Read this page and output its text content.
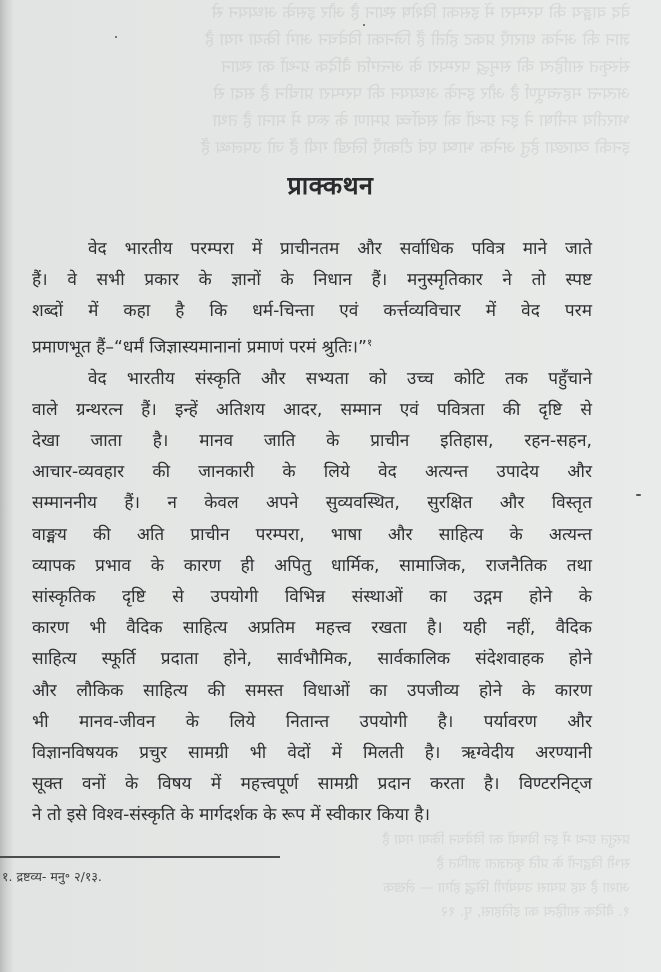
वेद वाङ्मय की परम्परा में इसका विशेष स्थान है और इसके अध्ययन से
ज्ञान की अनेक धाराएँ प्रकट होती हैं जिनका विवेचन आगे किया गया है
संस्कृत साहित्य की समृद्ध परम्परा के अन्तर्गत वैदिक ग्रन्थों का स्थान
अत्यन्त महत्त्वपूर्ण है और इनके अध्ययन की परम्परा प्राचीन है सदा से
भारतीय मनीषा ने इन ग्रन्थों को सर्वोच्च प्रमाण के रूप में माना है तथा
इनकी व्याख्या हेतु अनेक भाष्य एवं टीकाएँ लिखी गयी हैं जो उपलब्ध हैं
प्रस्तुत ग्रन्थ में इन विषयों का विवेचन किया गया है
सभी विद्वानों के प्रति कृतज्ञता ज्ञापित है
आशा है यह प्रयास उपयोगी सिद्ध होगा — लेखक
१. वैदिक साहित्य का इतिहास, पृ. १२
प्राक्कथन

वेद भारतीय परम्परा में प्राचीनतम और सर्वाधिक पवित्र माने जाते
हैं। वे सभी प्रकार के ज्ञानों के निधान हैं। मनुस्मृतिकार ने तो स्पष्ट
शब्दों में कहा है कि धर्म-चिन्ता एवं कर्त्तव्यविचार में वेद परम
प्रमाणभूत हैं–“धर्मं जिज्ञास्यमानानां प्रमाणं परमं श्रुतिः।”$^१$

वेद भारतीय संस्कृति और सभ्यता को उच्च कोटि तक पहुँचाने
वाले ग्रन्थरत्न हैं। इन्हें अतिशय आदर, सम्मान एवं पवित्रता की दृष्टि से
देखा जाता है। मानव जाति के प्राचीन इतिहास, रहन-सहन,
आचार-व्यवहार की जानकारी के लिये वेद अत्यन्त उपादेय और
सम्माननीय हैं। न केवल अपने सुव्यवस्थित, सुरक्षित और विस्तृत
वाङ्मय की अति प्राचीन परम्परा, भाषा और साहित्य के अत्यन्त
व्यापक प्रभाव के कारण ही अपितु धार्मिक, सामाजिक, राजनैतिक तथा
सांस्कृतिक दृष्टि से उपयोगी विभिन्न संस्थाओं का उद्गम होने के
कारण भी वैदिक साहित्य अप्रतिम महत्त्व रखता है। यही नहीं, वैदिक
साहित्य स्फूर्ति प्रदाता होने, सार्वभौमिक, सार्वकालिक संदेशवाहक होने
और लौकिक साहित्य की समस्त विधाओं का उपजीव्य होने के कारण
भी मानव-जीवन के लिये नितान्त उपयोगी है। पर्यावरण और
विज्ञानविषयक प्रचुर सामग्री भी वेदों में मिलती है। ऋग्वेदीय अरण्यानी
सूक्त वनों के विषय में महत्त्वपूर्ण सामग्री प्रदान करता है। विण्टरनिट्ज
ने तो इसे विश्व-संस्कृति के मार्गदर्शक के रूप में स्वीकार किया है।

१. द्रष्टव्य- मनु॰ २/१३.
